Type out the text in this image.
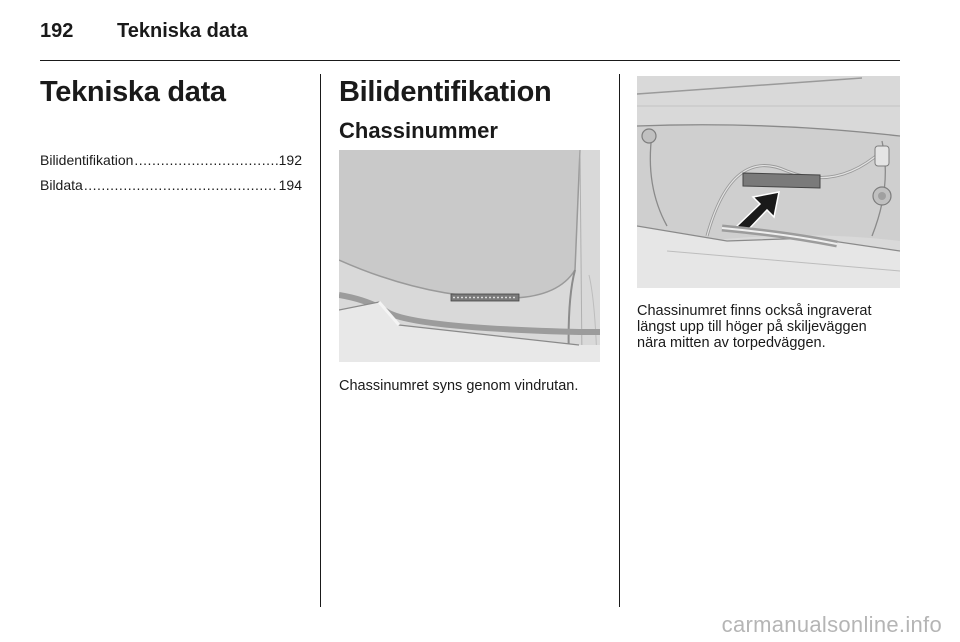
192 Tekniska data
Tekniska data
Bilidentifikation .....	192
Bildata .....	194
Bilidentifikation
Chassinummer
Chassinumret syns genom vindrutan.
Chassinumret finns också ingraverat
längst upp till höger på skiljeväggen
nära mitten av torpedväggen.
carmanualsonline.info
